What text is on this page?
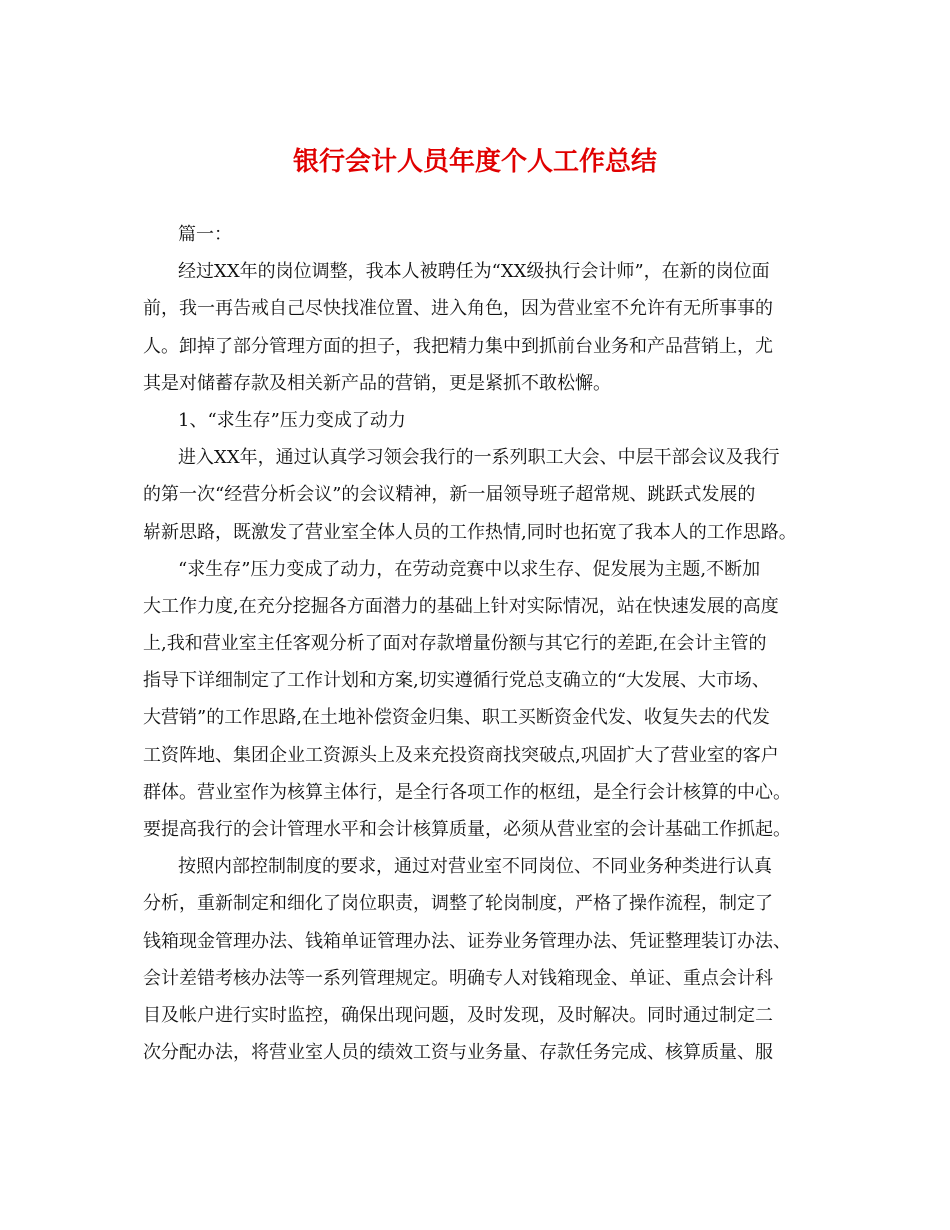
银行会计人员年度个人工作总结
篇一：
经过XX年的岗位调整，我本人被聘任为“XX级执行会计师”，在新的岗位面
前，我一再告戒自己尽快找准位置、进入角色，因为营业室不允许有无所事事的
人。卸掉了部分管理方面的担子，我把精力集中到抓前台业务和产品营销上，尤
其是对储蓄存款及相关新产品的营销，更是紧抓不敢松懈。
1、“求生存”压力变成了动力
进入XX年，通过认真学习领会我行的一系列职工大会、中层干部会议及我行
的第一次“经营分析会议”的会议精神，新一届领导班子超常规、跳跃式发展的
崭新思路，既激发了营业室全体人员的工作热情,同时也拓宽了我本人的工作思路。
“求生存”压力变成了动力，在劳动竞赛中以求生存、促发展为主题,不断加
大工作力度,在充分挖掘各方面潜力的基础上针对实际情况，站在快速发展的高度
上,我和营业室主任客观分析了面对存款增量份额与其它行的差距,在会计主管的
指导下详细制定了工作计划和方案,切实遵循行党总支确立的“大发展、大市场、
大营销”的工作思路,在土地补偿资金归集、职工买断资金代发、收复失去的代发
工资阵地、集团企业工资源头上及来充投资商找突破点,巩固扩大了营业室的客户
群体。营业室作为核算主体行，是全行各项工作的枢纽，是全行会计核算的中心。
要提高我行的会计管理水平和会计核算质量，必须从营业室的会计基础工作抓起。
按照内部控制制度的要求，通过对营业室不同岗位、不同业务种类进行认真
分析，重新制定和细化了岗位职责，调整了轮岗制度，严格了操作流程，制定了
钱箱现金管理办法、钱箱单证管理办法、证券业务管理办法、凭证整理装订办法、
会计差错考核办法等一系列管理规定。明确专人对钱箱现金、单证、重点会计科
目及帐户进行实时监控，确保出现问题，及时发现，及时解决。同时通过制定二
次分配办法，将营业室人员的绩效工资与业务量、存款任务完成、核算质量、服
